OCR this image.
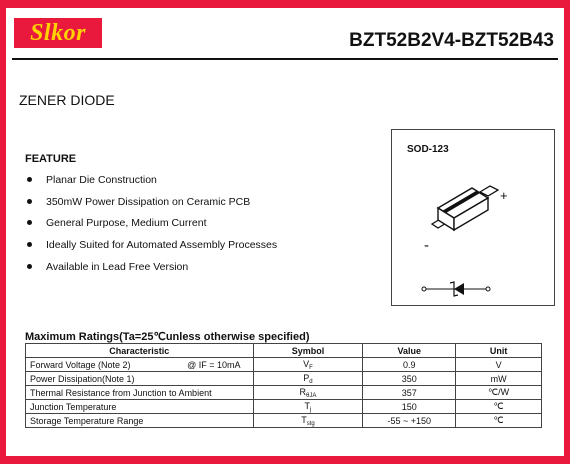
Slkor	BZT52B2V4-BZT52B43
ZENER DIODE
FEATURE
Planar Die Construction
350mW Power Dissipation on Ceramic PCB
General Purpose, Medium Current
Ideally Suited for Automated Assembly Processes
Available in Lead Free Version
SOD-123
+
-
Maximum Ratings(Ta=25℃unless otherwise specified)
Characteristic	Symbol	Value	Unit
Forward Voltage (Note 2) @ IF = 10mA	$V_F$	0.9	V
Power Dissipation(Note 1)	$P_d$	350	mW
Thermal Resistance from Junction to Ambient	$R_{\theta JA}$	357	℃/W
Junction Temperature	$T_j$	150	℃
Storage Temperature Range	$T_{stg}$	-55 ~ +150	℃
